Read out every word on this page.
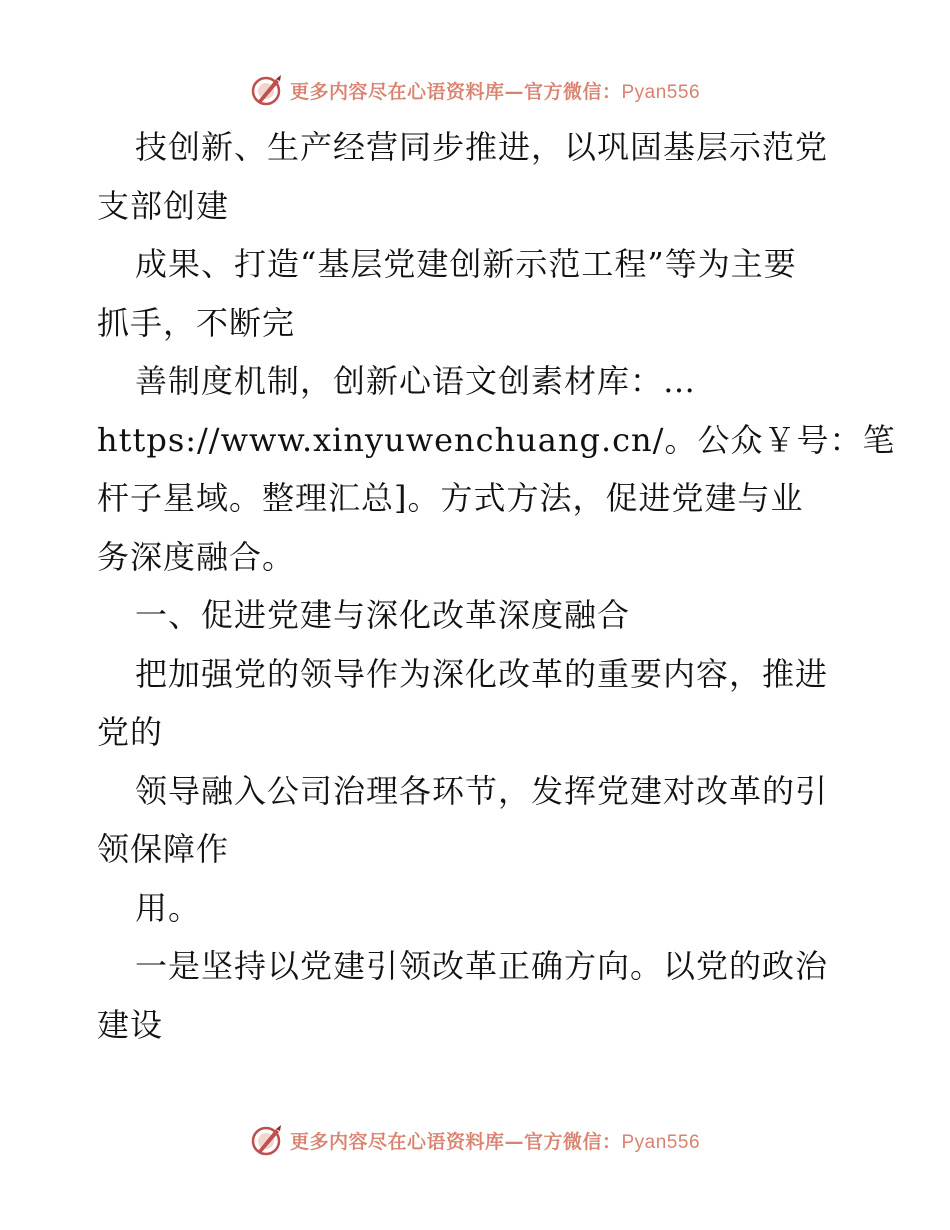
更多内容尽在心语资料库—官方微信：Pyan556
技创新、生产经营同步推进，以巩固基层示范党
支部创建
成果、打造“基层党建创新示范工程”等为主要
抓手，不断完
善制度机制，创新心语文创素材库：…
https://www.xinyuwenchuang.cn/。公众￥号：笔
杆子星域。整理汇总]。方式方法，促进党建与业
务深度融合。
一、促进党建与深化改革深度融合
把加强党的领导作为深化改革的重要内容，推进
党的
领导融入公司治理各环节，发挥党建对改革的引
领保障作
用。
一是坚持以党建引领改革正确方向。以党的政治
建设
更多内容尽在心语资料库—官方微信：Pyan556
